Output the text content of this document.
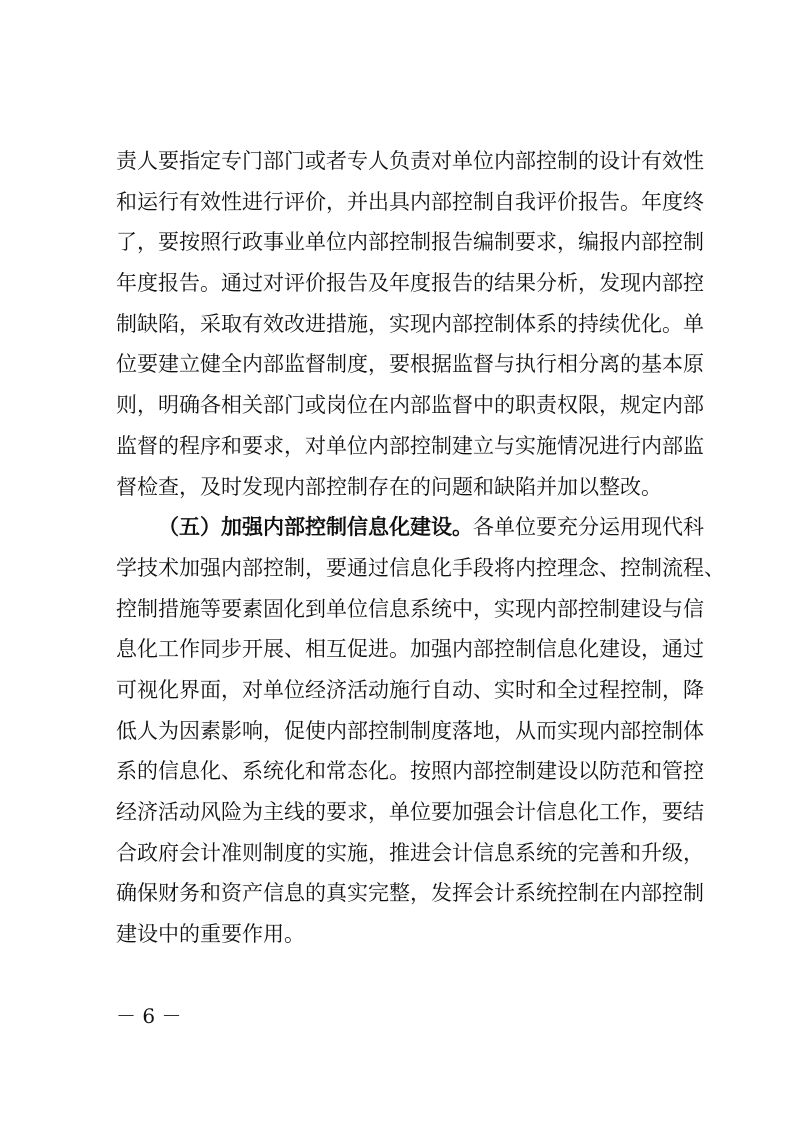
责人要指定专门部门或者专人负责对单位内部控制的设计有效性
和运行有效性进行评价，并出具内部控制自我评价报告。年度终
了，要按照行政事业单位内部控制报告编制要求，编报内部控制
年度报告。通过对评价报告及年度报告的结果分析，发现内部控
制缺陷，采取有效改进措施，实现内部控制体系的持续优化。单
位要建立健全内部监督制度，要根据监督与执行相分离的基本原
则，明确各相关部门或岗位在内部监督中的职责权限，规定内部
监督的程序和要求，对单位内部控制建立与实施情况进行内部监
督检查，及时发现内部控制存在的问题和缺陷并加以整改。
（五）加强内部控制信息化建设。各单位要充分运用现代科
学技术加强内部控制，要通过信息化手段将内控理念、控制流程、
控制措施等要素固化到单位信息系统中，实现内部控制建设与信
息化工作同步开展、相互促进。加强内部控制信息化建设，通过
可视化界面，对单位经济活动施行自动、实时和全过程控制，降
低人为因素影响，促使内部控制制度落地，从而实现内部控制体
系的信息化、系统化和常态化。按照内部控制建设以防范和管控
经济活动风险为主线的要求，单位要加强会计信息化工作，要结
合政府会计准则制度的实施，推进会计信息系统的完善和升级，
确保财务和资产信息的真实完整，发挥会计系统控制在内部控制
建设中的重要作用。
－ 6 －
